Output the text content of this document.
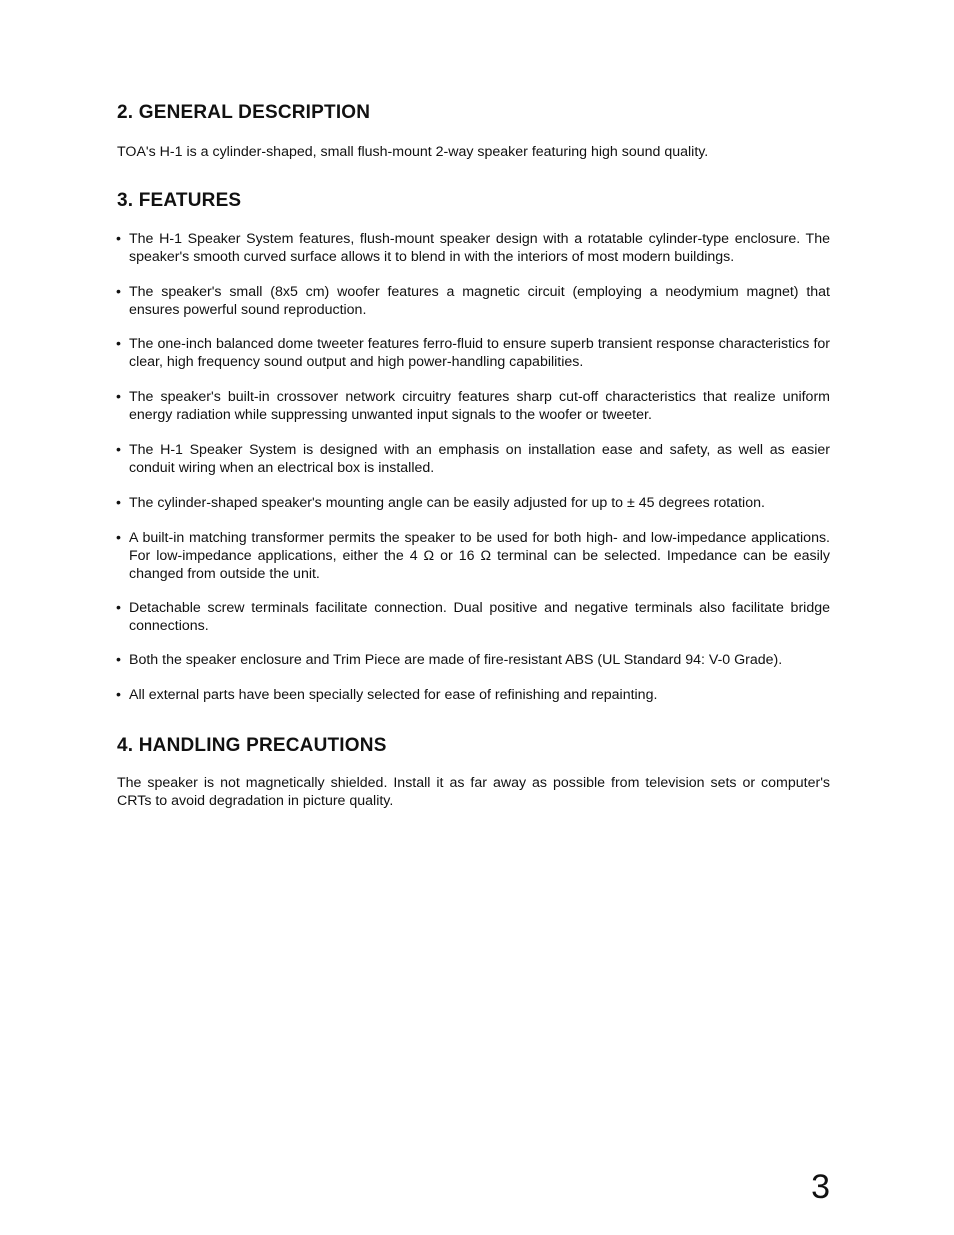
2. GENERAL DESCRIPTION

TOA's H-1 is a cylinder-shaped, small flush-mount 2-way speaker featuring high sound quality.

3. FEATURES

• The H-1 Speaker System features, flush-mount speaker design with a rotatable cylinder-type enclosure. The speaker's smooth curved surface allows it to blend in with the interiors of most modern buildings.

• The speaker's small (8x5 cm) woofer features a magnetic circuit (employing a neodymium magnet) that ensures powerful sound reproduction.

• The one-inch balanced dome tweeter features ferro-fluid to ensure superb transient response characteristics for clear, high frequency sound output and high power-handling capabilities.

• The speaker's built-in crossover network circuitry features sharp cut-off characteristics that realize uniform energy radiation while suppressing unwanted input signals to the woofer or tweeter.

• The H-1 Speaker System is designed with an emphasis on installation ease and safety, as well as easier conduit wiring when an electrical box is installed.

• The cylinder-shaped speaker's mounting angle can be easily adjusted for up to ± 45 degrees rotation.

• A built-in matching transformer permits the speaker to be used for both high- and low-impedance applications. For low-impedance applications, either the 4 Ω or 16 Ω terminal can be selected. Impedance can be easily changed from outside the unit.

• Detachable screw terminals facilitate connection. Dual positive and negative terminals also facilitate bridge connections.

• Both the speaker enclosure and Trim Piece are made of fire-resistant ABS (UL Standard 94: V-0 Grade).

• All external parts have been specially selected for ease of refinishing and repainting.

4. HANDLING PRECAUTIONS

The speaker is not magnetically shielded. Install it as far away as possible from television sets or computer's CRTs to avoid degradation in picture quality.

3
